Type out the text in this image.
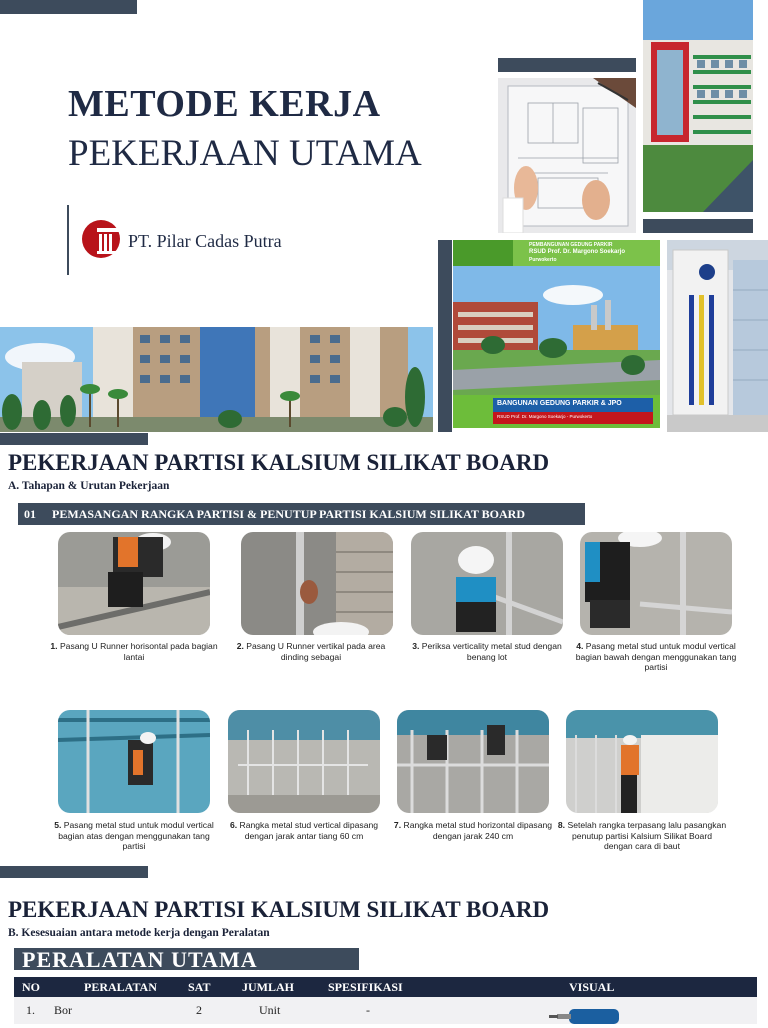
METODE KERJA
PEKERJAAN UTAMA
PT. Pilar Cadas Putra	PEMBANGUNAN GEDUNG PARKIR
RSUD Prof. Dr. Margono Soekarjo
Purwokerto
BANGUNAN GEDUNG PARKIR & JPO
RSUD Prof. Dr. Margono Soekarjo - Purwokerto
PEKERJAAN PARTISI KALSIUM SILIKAT BOARD
A. Tahapan & Urutan Pekerjaan
01 PEMASANGAN RANGKA PARTISI & PENUTUP PARTISI KALSIUM SILIKAT BOARD
1. Pasang U Runner horisontal pada bagian lantai
2. Pasang U Runner vertikal pada area dinding sebagai
3. Periksa verticality metal stud dengan benang lot
4. Pasang metal stud untuk modul vertical bagian bawah dengan menggunakan tang partisi
5. Pasang metal stud untuk modul vertical bagian atas dengan menggunakan tang partisi
6. Rangka metal stud vertical dipasang dengan jarak antar tiang 60 cm
7. Rangka metal stud horizontal dipasang dengan jarak 240 cm
8. Setelah rangka terpasang lalu pasangkan penutup partisi Kalsium Silikat Board dengan cara di baut
PEKERJAAN PARTISI KALSIUM SILIKAT BOARD
B. Kesesuaian antara metode kerja dengan Peralatan
PERALATAN UTAMA
NO	PERALATAN	SAT	JUMLAH	SPESIFIKASI	VISUAL
1. Bor	2	Unit	-
